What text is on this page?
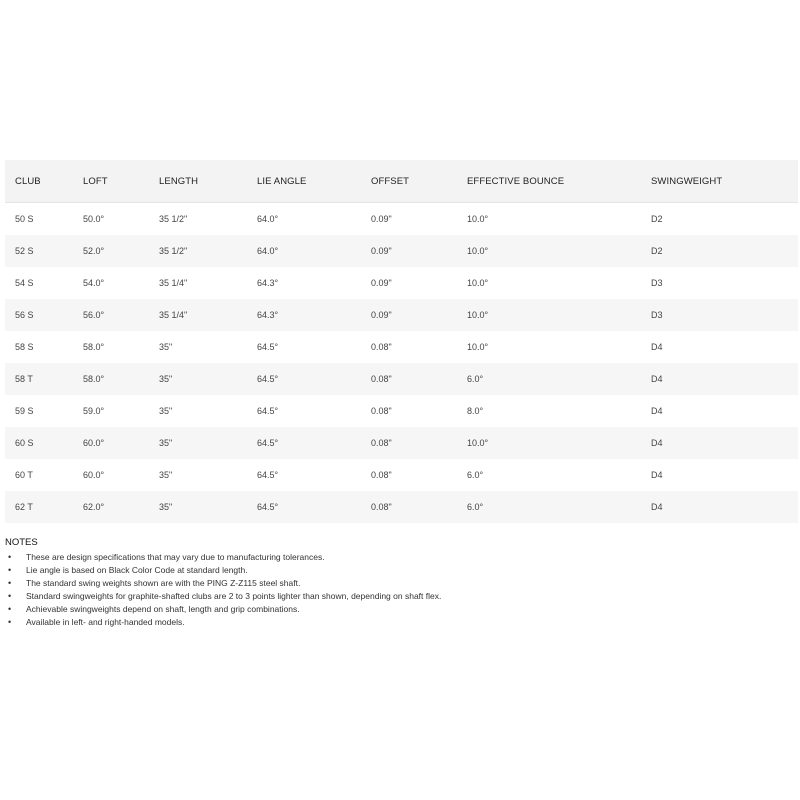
CLUB	LOFT	LENGTH	LIE ANGLE	OFFSET	EFFECTIVE BOUNCE	SWINGWEIGHT
50 S	50.0°	35 1/2"	64.0°	0.09"	10.0°	D2
52 S	52.0°	35 1/2"	64.0°	0.09"	10.0°	D2
54 S	54.0°	35 1/4"	64.3°	0.09"	10.0°	D3
56 S	56.0°	35 1/4"	64.3°	0.09"	10.0°	D3
58 S	58.0°	35"	64.5°	0.08"	10.0°	D4
58 T	58.0°	35"	64.5°	0.08"	6.0°	D4
59 S	59.0°	35"	64.5°	0.08"	8.0°	D4
60 S	60.0°	35"	64.5°	0.08"	10.0°	D4
60 T	60.0°	35"	64.5°	0.08"	6.0°	D4
62 T	62.0°	35"	64.5°	0.08"	6.0°	D4
NOTES
• These are design specifications that may vary due to manufacturing tolerances.
• Lie angle is based on Black Color Code at standard length.
• The standard swing weights shown are with the PING Z-Z115 steel shaft.
• Standard swingweights for graphite-shafted clubs are 2 to 3 points lighter than shown, depending on shaft flex.
• Achievable swingweights depend on shaft, length and grip combinations.
• Available in left- and right-handed models.
